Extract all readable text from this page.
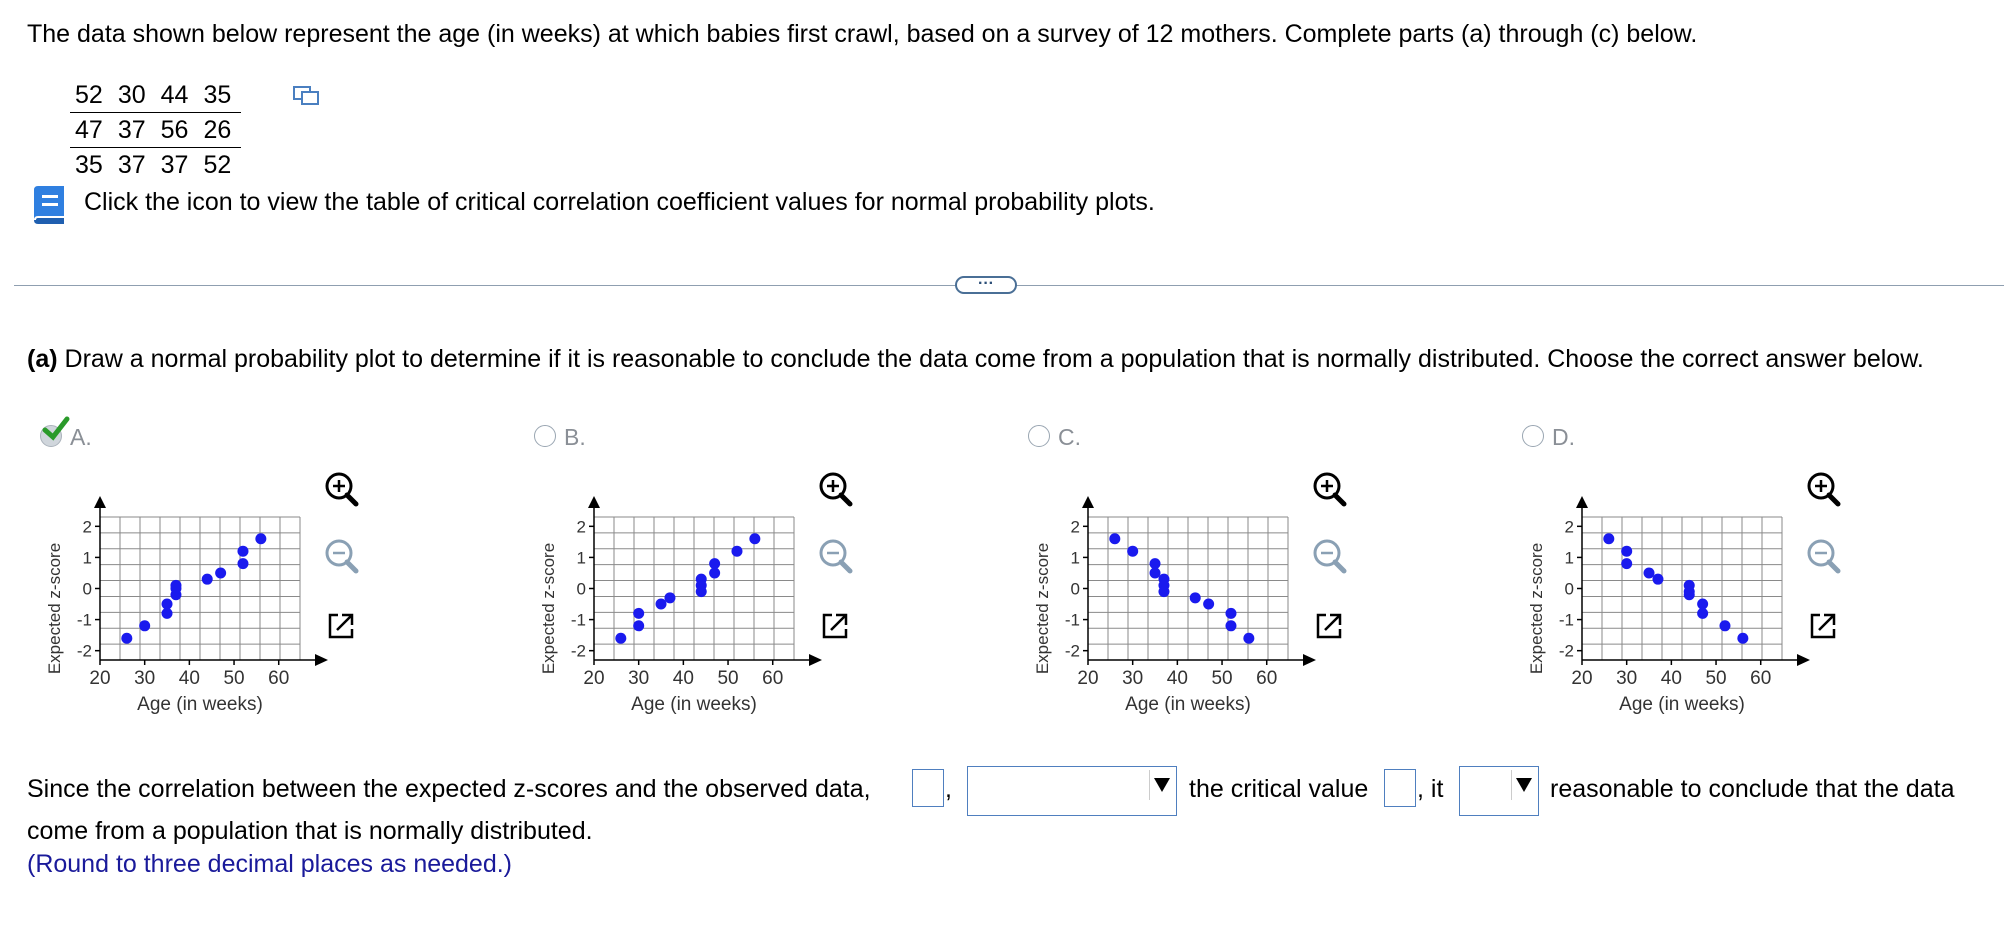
The data shown below represent the age (in weeks) at which babies first crawl, based on a survey of 12 mothers. Complete parts (a) through (c) below.
52	30	44	35
47	37	56	26
35	37	37	52
Click the icon to view the table of critical correlation coefficient values for normal probability plots.
···
(a) Draw a normal probability plot to determine if it is reasonable to conclude the data come from a population that is normally distributed. Choose the correct answer below.
A.
2
1
0
-1
-2
20 30 40 50 60
Age (in weeks)
Expected z-score
B.
2
1
0
-1
-2
20 30 40 50 60
Age (in weeks)
Expected z-score
C.
2
1
0
-1
-2
20 30 40 50 60
Age (in weeks)
Expected z-score
D.
2
1
0
-1
-2
20 30 40 50 60
Age (in weeks)
Expected z-score
Since the correlation between the expected z-scores and the observed data,	,	the critical value , it	reasonable to conclude that the data
come from a population that is normally distributed.
(Round to three decimal places as needed.)
